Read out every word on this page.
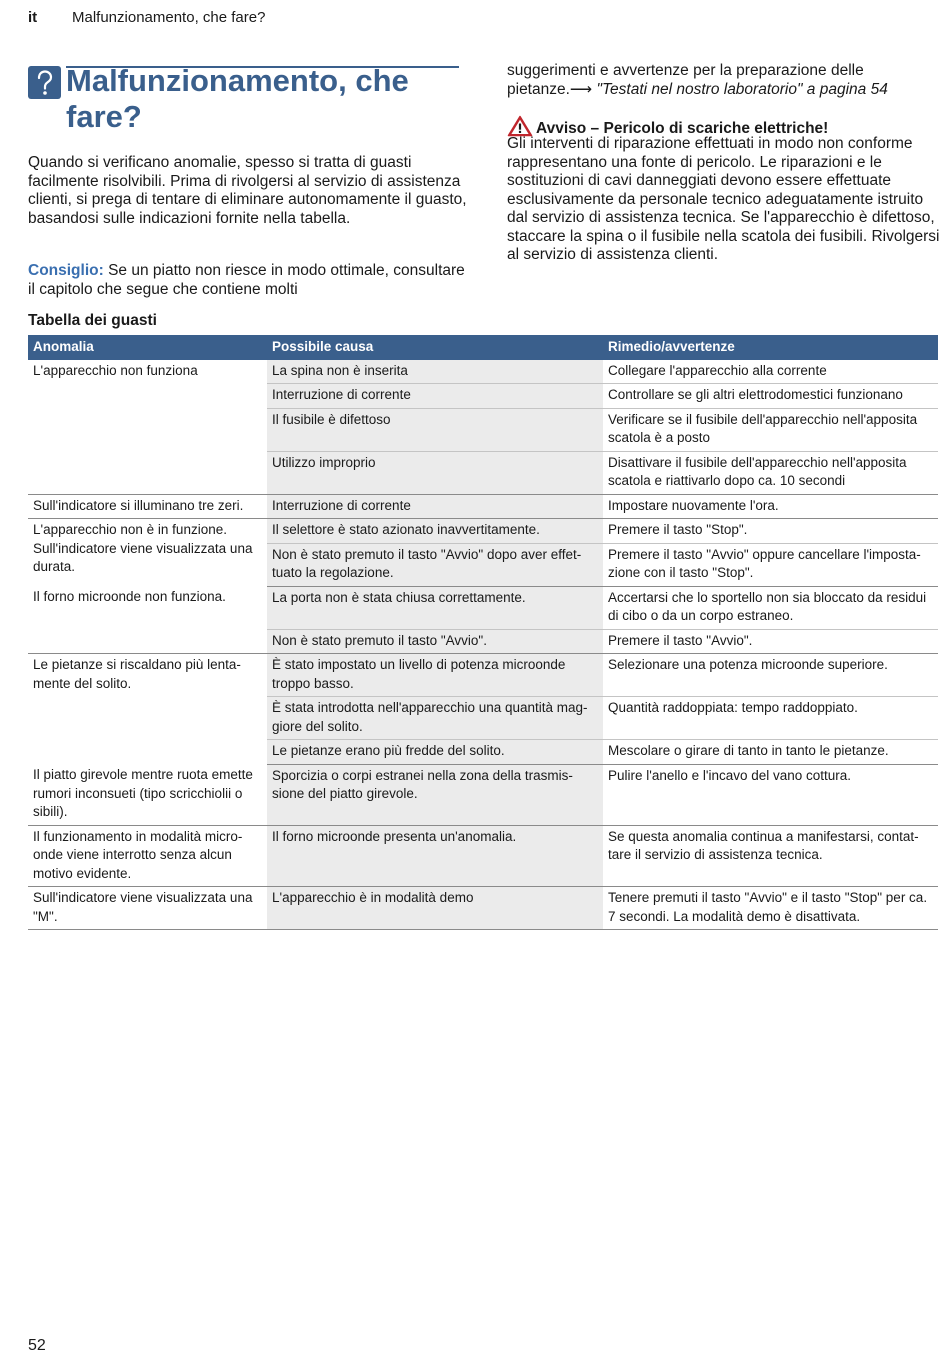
it Malfunzionamento, che fare?
Malfunzionamento, che
fare?
Quando si verificano anomalie, spesso si tratta di guasti facilmente risolvibili. Prima di rivolgersi al servizio di assistenza clienti, si prega di tentare di eliminare autonomamente il guasto, basandosi sulle indicazioni fornite nella tabella.
Consiglio: Se un piatto non riesce in modo ottimale, consultare il capitolo che segue che contiene molti
suggerimenti e avvertenze per la preparazione delle pietanze.⟶ "Testati nel nostro laboratorio" a pagina 54
Avviso – Pericolo di scariche elettriche!
Gli interventi di riparazione effettuati in modo non conforme rappresentano una fonte di pericolo. Le riparazioni e le sostituzioni di cavi danneggiati devono essere effettuate esclusivamente da personale tecnico adeguatamente istruito dal servizio di assistenza tecnica. Se l'apparecchio è difettoso, staccare la spina o il fusibile nella scatola dei fusibili. Rivolgersi al servizio di assistenza clienti.
Tabella dei guasti
Anomalia	Possibile causa	Rimedio/avvertenze
L'apparecchio non funziona	La spina non è inserita	Collegare l'apparecchio alla corrente
	Interruzione di corrente	Controllare se gli altri elettrodomestici funzionano
	Il fusibile è difettoso	Verificare se il fusibile dell'apparecchio nell'apposita scatola è a posto
	Utilizzo improprio	Disattivare il fusibile dell'apparecchio nell'apposita scatola e riattivarlo dopo ca. 10 secondi
Sull'indicatore si illuminano tre zeri.	Interruzione di corrente	Impostare nuovamente l'ora.
L'apparecchio non è in funzione. Sull'indicatore viene visualizzata una durata.	Il selettore è stato azionato inavvertitamente.	Premere il tasto "Stop".
	Non è stato premuto il tasto "Avvio" dopo aver effet-tuato la regolazione.	Premere il tasto "Avvio" oppure cancellare l'imposta-zione con il tasto "Stop".
Il forno microonde non funziona.	La porta non è stata chiusa correttamente.	Accertarsi che lo sportello non sia bloccato da residui di cibo o da un corpo estraneo.
	Non è stato premuto il tasto "Avvio".	Premere il tasto "Avvio".
Le pietanze si riscaldano più lenta-mente del solito.	È stato impostato un livello di potenza microonde troppo basso.	Selezionare una potenza microonde superiore.
	È stata introdotta nell'apparecchio una quantità mag-giore del solito.	Quantità raddoppiata: tempo raddoppiato.
	Le pietanze erano più fredde del solito.	Mescolare o girare di tanto in tanto le pietanze.
Il piatto girevole mentre ruota emette rumori inconsueti (tipo scricchiolii o sibili).	Sporcizia o corpi estranei nella zona della trasmis-sione del piatto girevole.	Pulire l'anello e l'incavo del vano cottura.
Il funzionamento in modalità micro-onde viene interrotto senza alcun motivo evidente.	Il forno microonde presenta un'anomalia.	Se questa anomalia continua a manifestarsi, contat-tare il servizio di assistenza tecnica.
Sull'indicatore viene visualizzata una "M".	L'apparecchio è in modalità demo	Tenere premuti il tasto "Avvio" e il tasto "Stop" per ca. 7 secondi. La modalità demo è disattivata.
52
